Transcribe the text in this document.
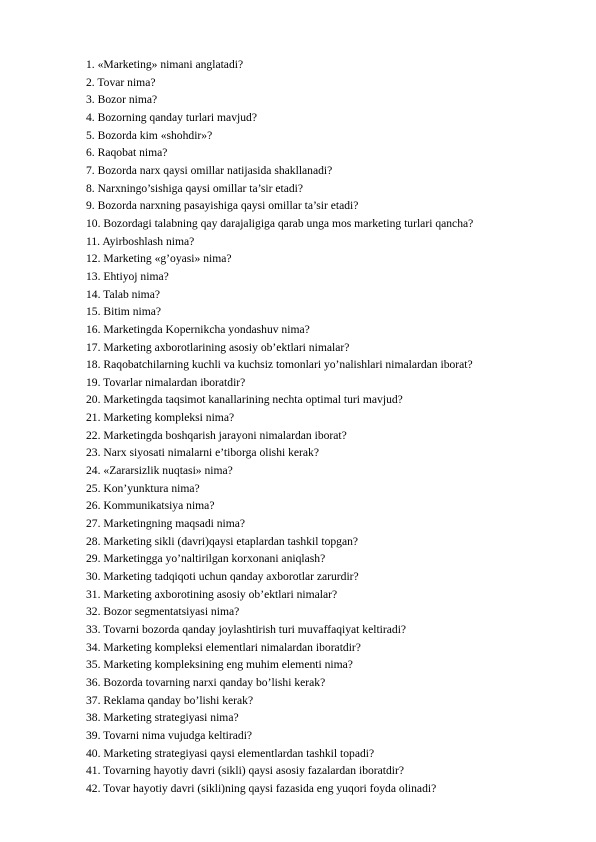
1. «Marketing» nimani anglatadi?
2. Tovar nima?
3. Bozor nima?
4. Bozorning qanday turlari mavjud?
5. Bozorda kim «shohdir»?
6. Raqobat nima?
7. Bozorda narx qaysi omillar natijasida shakllanadi?
8. Narxningo’sishiga qaysi omillar ta’sir etadi?
9. Bozorda narxning pasayishiga qaysi omillar ta’sir etadi?
10. Bozordagi talabning qay darajaligiga qarab unga mos marketing turlari qancha?
11. Ayirboshlash nima?
12. Marketing «g’oyasi» nima?
13. Ehtiyoj nima?
14. Talab nima?
15. Bitim nima?
16. Marketingda Kopernikcha yondashuv nima?
17. Marketing axborotlarining asosiy ob’ektlari nimalar?
18. Raqobatchilarning kuchli va kuchsiz tomonlari yo’nalishlari nimalardan iborat?
19. Tovarlar nimalardan iboratdir?
20. Marketingda taqsimot kanallarining nechta optimal turi mavjud?
21. Marketing kompleksi nima?
22. Marketingda boshqarish jarayoni nimalardan iborat?
23. Narx siyosati nimalarni e’tiborga olishi kerak?
24. «Zararsizlik nuqtasi» nima?
25. Kon’yunktura nima?
26. Kommunikatsiya nima?
27. Marketingning maqsadi nima?
28. Marketing sikli (davri)qaysi etaplardan tashkil topgan?
29. Marketingga yo’naltirilgan korxonani aniqlash?
30. Marketing tadqiqoti uchun qanday axborotlar zarurdir?
31. Marketing axborotining asosiy ob’ektlari nimalar?
32. Bozor segmentatsiyasi nima?
33. Tovarni bozorda qanday joylashtirish turi muvaffaqiyat keltiradi?
34. Marketing kompleksi elementlari nimalardan iboratdir?
35. Marketing kompleksining eng muhim elementi nima?
36. Bozorda tovarning narxi qanday bo’lishi kerak?
37. Reklama qanday bo’lishi kerak?
38. Marketing strategiyasi nima?
39. Tovarni nima vujudga keltiradi?
40. Marketing strategiyasi qaysi elementlardan tashkil topadi?
41. Tovarning hayotiy davri (sikli) qaysi asosiy fazalardan iboratdir?
42. Tovar hayotiy davri (sikli)ning qaysi fazasida eng yuqori foyda olinadi?
